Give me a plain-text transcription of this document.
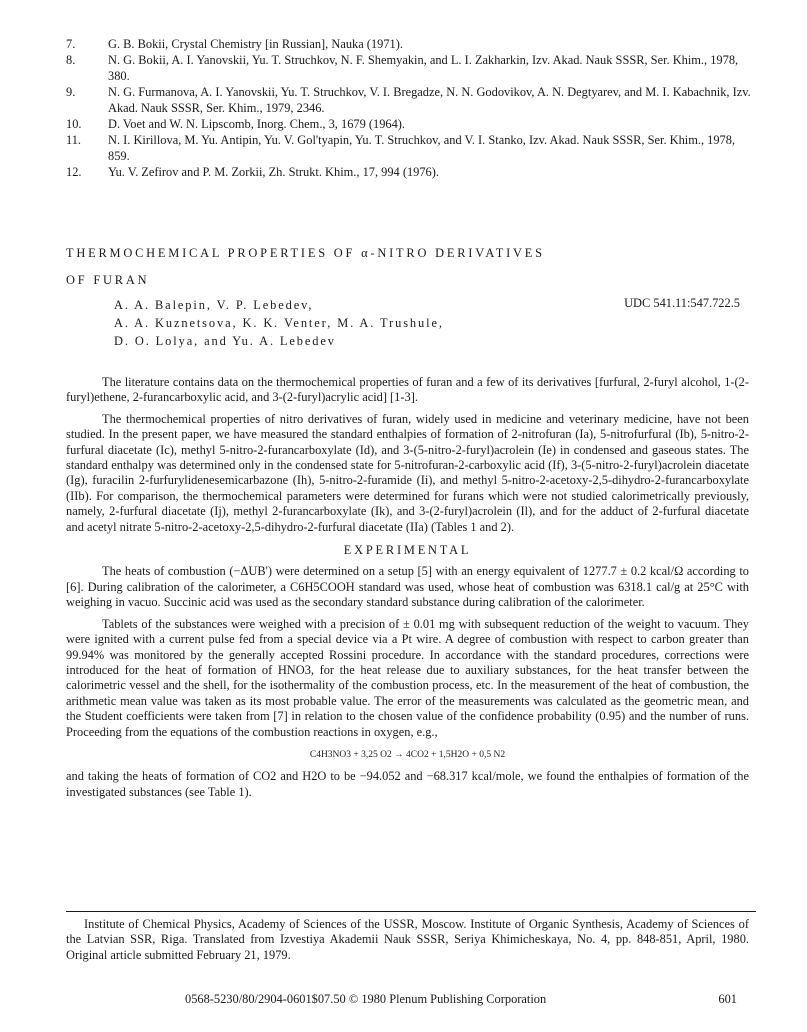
7.	G. B. Bokii, Crystal Chemistry [in Russian], Nauka (1971).
8.	N. G. Bokii, A. I. Yanovskii, Yu. T. Struchkov, N. F. Shemyakin, and L. I. Zakharkin, Izv. Akad. Nauk SSSR, Ser. Khim., 1978, 380.
9.	N. G. Furmanova, A. I. Yanovskii, Yu. T. Struchkov, V. I. Bregadze, N. N. Godovikov, A. N. Degtyarev, and M. I. Kabachnik, Izv. Akad. Nauk SSSR, Ser. Khim., 1979, 2346.
10.	D. Voet and W. N. Lipscomb, Inorg. Chem., 3, 1679 (1964).
11.	N. I. Kirillova, M. Yu. Antipin, Yu. V. Gol'tyapin, Yu. T. Struchkov, and V. I. Stanko, Izv. Akad. Nauk SSSR, Ser. Khim., 1978, 859.
12.	Yu. V. Zefirov and P. M. Zorkii, Zh. Strukt. Khim., 17, 994 (1976).
THERMOCHEMICAL PROPERTIES OF α-NITRO DERIVATIVES
OF FURAN
A. A. Balepin, V. P. Lebedev,
A. A. Kuznetsova, K. K. Venter, M. A. Trushule,
D. O. Lolya, and Yu. A. Lebedev
UDC 541.11:547.722.5

The literature contains data on the thermochemical properties of furan and a few of its derivatives [furfural, 2-furyl alcohol, 1-(2-furyl)ethene, 2-furancarboxylic acid, and 3-(2-furyl)acrylic acid] [1-3].

The thermochemical properties of nitro derivatives of furan, widely used in medicine and veterinary medicine, have not been studied. In the present paper, we have measured the standard enthalpies of formation of 2-nitrofuran (Ia), 5-nitrofurfural (Ib), 5-nitro-2-furfural diacetate (Ic), methyl 5-nitro-2-furancarboxylate (Id), and 3-(5-nitro-2-furyl)acrolein (Ie) in condensed and gaseous states. The standard enthalpy was determined only in the condensed state for 5-nitrofuran-2-carboxylic acid (If), 3-(5-nitro-2-furyl)acrolein diacetate (Ig), furacilin 2-furfurylidenesemicarbazone (Ih), 5-nitro-2-furamide (Ii), and methyl 5-nitro-2-acetoxy-2,5-dihydro-2-furancarboxylate (IIb). For comparison, the thermochemical parameters were determined for furans which were not studied calorimetrically previously, namely, 2-furfural diacetate (Ij), methyl 2-furancarboxylate (Ik), and 3-(2-furyl)acrolein (Il), and for the adduct of 2-furfural diacetate and acetyl nitrate 5-nitro-2-acetoxy-2,5-dihydro-2-furfural diacetate (IIa) (Tables 1 and 2).

EXPERIMENTAL

The heats of combustion (−ΔUB') were determined on a setup [5] with an energy equivalent of 1277.7 ± 0.2 kcal/Ω according to [6]. During calibration of the calorimeter, a C6H5COOH standard was used, whose heat of combustion was 6318.1 cal/g at 25°C with weighing in vacuo. Succinic acid was used as the secondary standard substance during calibration of the calorimeter.

Tablets of the substances were weighed with a precision of ± 0.01 mg with subsequent reduction of the weight to vacuum. They were ignited with a current pulse fed from a special device via a Pt wire. A degree of combustion with respect to carbon greater than 99.94% was monitored by the generally accepted Rossini procedure. In accordance with the standard procedures, corrections were introduced for the heat of formation of HNO3, for the heat release due to auxiliary substances, for the heat transfer between the calorimetric vessel and the shell, for the isothermality of the combustion process, etc. In the measurement of the heat of combustion, the arithmetic mean value was taken as its most probable value. The error of the measurements was calculated as the geometric mean, and the Student coefficients were taken from [7] in relation to the chosen value of the confidence probability (0.95) and the number of runs. Proceeding from the equations of the combustion reactions in oxygen, e.g.,

C4H3NO3 + 3,25 O2 → 4CO2 + 1,5H2O + 0,5 N2

and taking the heats of formation of CO2 and H2O to be −94.052 and −68.317 kcal/mole, we found the enthalpies of formation of the investigated substances (see Table 1).

Institute of Chemical Physics, Academy of Sciences of the USSR, Moscow. Institute of Organic Synthesis, Academy of Sciences of the Latvian SSR, Riga. Translated from Izvestiya Akademii Nauk SSSR, Seriya Khimicheskaya, No. 4, pp. 848-851, April, 1980. Original article submitted February 21, 1979.
0568-5230/80/2904-0601$07.50 © 1980 Plenum Publishing Corporation	601
